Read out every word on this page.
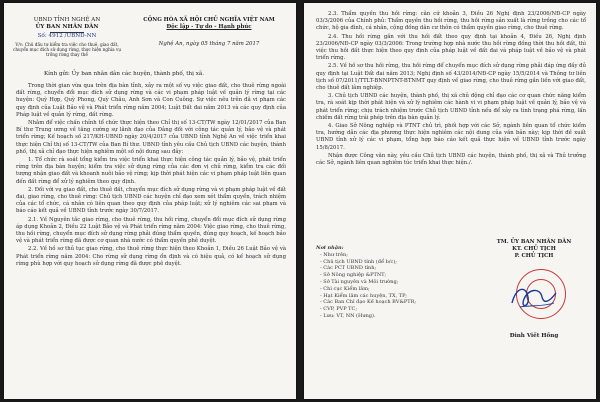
UBND TỈNH NGHỆ AN
ỦY BAN NHÂN DÂN
Số: 4912 /UBND-NN
V/v: Chủ đầu tư kiểm tra việc cho thuê, giao đất, chuyển mục đích sử dụng rừng, thực hiện nghĩa vụ trồng rừng thay thế
CỘNG HÒA XÃ HỘI CHỦ NGHĨA VIỆT NAM
Độc lập - Tự do - Hạnh phúc
Nghệ An, ngày 05 tháng 7 năm 2017
Kính gửi: Ủy ban nhân dân các huyện, thành phố, thị xã.

Trong thời gian vừa qua trên địa bàn tỉnh, xảy ra một số vụ việc giao đất, cho thuê rừng ngoài đất rừng, chuyển đổi mục đích sử dụng rừng và các vi phạm pháp luật về quản lý rừng tại các huyện: Quỳ Hợp, Quỳ Phong, Quỳ Châu, Anh Sơn và Con Cuông. Sự việc nêu trên đã vi phạm các quy định của Luật Bảo vệ và Phát triển rừng năm 2004; Luật Đất đai năm 2013 và các quy định của Pháp luật về quản lý rừng, đất rừng.

Nhằm để việc chấn chỉnh tổ chức thực hiện theo Chỉ thị số 13-CT/TW ngày 12/01/2017 của Ban Bí thư Trung ương về tăng cường sự lãnh đạo của Đảng đối với công tác quản lý, bảo vệ và phát triển rừng; Kế hoạch số 217/KH-UBND ngày 20/4/2017 của UBND tỉnh Nghệ An về việc triển khai thực hiện Chỉ thị số 13-CT/TW của Ban Bí thư. UBND tỉnh yêu cầu Chủ tịch UBND các huyện, thành phố, thị xã chỉ đạo thực hiện nghiêm một số nội dung sau đây:

1. Tổ chức rà soát tổng kiểm tra việc triển khai thực hiện công tác quản lý, bảo vệ, phát triển rừng trên địa bàn huyện; kiểm tra việc sử dụng rừng của các đơn vị chủ rừng, kiểm tra các đối tượng nhận giao đất và khoanh nuôi bảo vệ rừng; kịp thời phát hiện các vi phạm pháp luật liên quan đến đất rừng để xử lý nghiêm theo quy định.

2. Đối với vụ giao đất, cho thuê đất, chuyển mục đích sử dụng rừng và vi phạm pháp luật về đất đai, giao rừng, cho thuê rừng: Chủ tịch UBND các huyện chỉ đạo xem xét thẩm quyền, trách nhiệm của các tổ chức, cá nhân có liên quan theo quy định của pháp luật; xử lý nghiêm các sai phạm và báo cáo kết quả về UBND tỉnh trước ngày 30/7/2017.

2.1. Về Nguyên tắc giao rừng, cho thuê rừng, thu hồi rừng, chuyển đổi mục đích sử dụng rừng áp dụng Khoản 2, Điều 22 Luật Bảo vệ và Phát triển rừng năm 2004: Việc giao rừng, cho thuê rừng, thu hồi rừng, chuyển mục đích sử dụng rừng phải đúng thẩm quyền, đúng quy hoạch, kế hoạch bảo vệ và phát triển rừng đã được cơ quan nhà nước có thẩm quyền phê duyệt.

2.2. Về hồ sơ thủ tục giao rừng, cho thuê rừng thực hiện theo Khoản 1, Điều 26 Luật Bảo vệ và Phát triển rừng năm 2004: Cho rừng sử dụng rừng ổn định và có hiệu quả, có kế hoạch sử dụng rừng phù hợp với quy hoạch sử dụng rừng đã được phê duyệt.

2.3. Thẩm quyền thu hồi rừng: căn cứ khoản 3, Điều 26 Nghị định 23/2006/NĐ-CP ngày 03/3/2006 của Chính phủ: Thẩm quyền thu hồi rừng, thu hồi rừng sản xuất là rừng trồng cho các tổ chức, hộ gia đình, cá nhân, cộng đồng dân cư thôn có thẩm quyền giao rừng, cho thuê rừng.

2.4. Thu hồi rừng gắn với thu hồi đất theo quy định tại khoản 4, Điều 26, Nghị định 23/2006/NĐ-CP ngày 03/3/2006: Trong trường hợp nhà nước thu hồi rừng đồng thời thu hồi đất, thì việc thu hồi đất thực hiện theo quy định của pháp luật về đất đai và pháp luật về bảo vệ và phát triển rừng.

2.5. Về hồ sơ thu hồi rừng, thu hồi rừng để chuyển mục đích sử dụng rừng phải đáp ứng đầy đủ quy định tại Luật Đất đai năm 2013; Nghị định số 43/2014/NĐ-CP ngày 15/5/2014 và Thông tư liên tịch số 07/2011/TTLT-BNNPTNT-BTNMT quy định về giao rừng, cho thuê rừng gắn liền với giao đất, cho thuê đất lâm nghiệp.

3. Chủ tịch UBND các huyện, thành phố, thị xã chủ động chỉ đạo các cơ quan chức năng kiểm tra, rà soát kịp thời phát hiện và xử lý nghiêm các hành vi vi phạm pháp luật về quản lý, bảo vệ và phát triển rừng; chịu trách nhiệm trước Chủ tịch UBND tỉnh nếu để xảy ra tình trạng phá rừng, lấn chiếm đất rừng trái phép trên địa bàn quản lý.

4. Giao Sở Nông nghiệp và PTNT chủ trì, phối hợp với các Sở, ngành liên quan tổ chức kiểm tra, hướng dẫn các địa phương thực hiện nghiêm các nội dung của văn bản này; kịp thời đề xuất UBND tỉnh xử lý các vi phạm, tổng hợp báo cáo kết quả thực hiện về UBND tỉnh trước ngày 15/8/2017.

Nhận được Công văn này, yêu cầu Chủ tịch UBND các huyện, thành phố, thị xã và Thủ trưởng các Sở, ngành liên quan nghiêm túc triển khai thực hiện./.

Nơi nhận:
- Như trên;
- Chủ tịch UBND tỉnh (để b/c);
- Các PCT UBND tỉnh;
- Sở Nông nghiệp &PTNT;
- Sở Tài nguyên và Môi trường;
- Chi cục Kiểm lâm;
- Hạt Kiểm lâm các huyện, TX, TP;
- Các Ban Chỉ đạo Kế hoạch BV&PTR;
- CVP, PVP TC;
- Lưu: VT, NN (Hưng).
TM. ỦY BAN NHÂN DÂN
KT. CHỦ TỊCH
P. CHỦ TỊCH
Đinh Viết Hồng
